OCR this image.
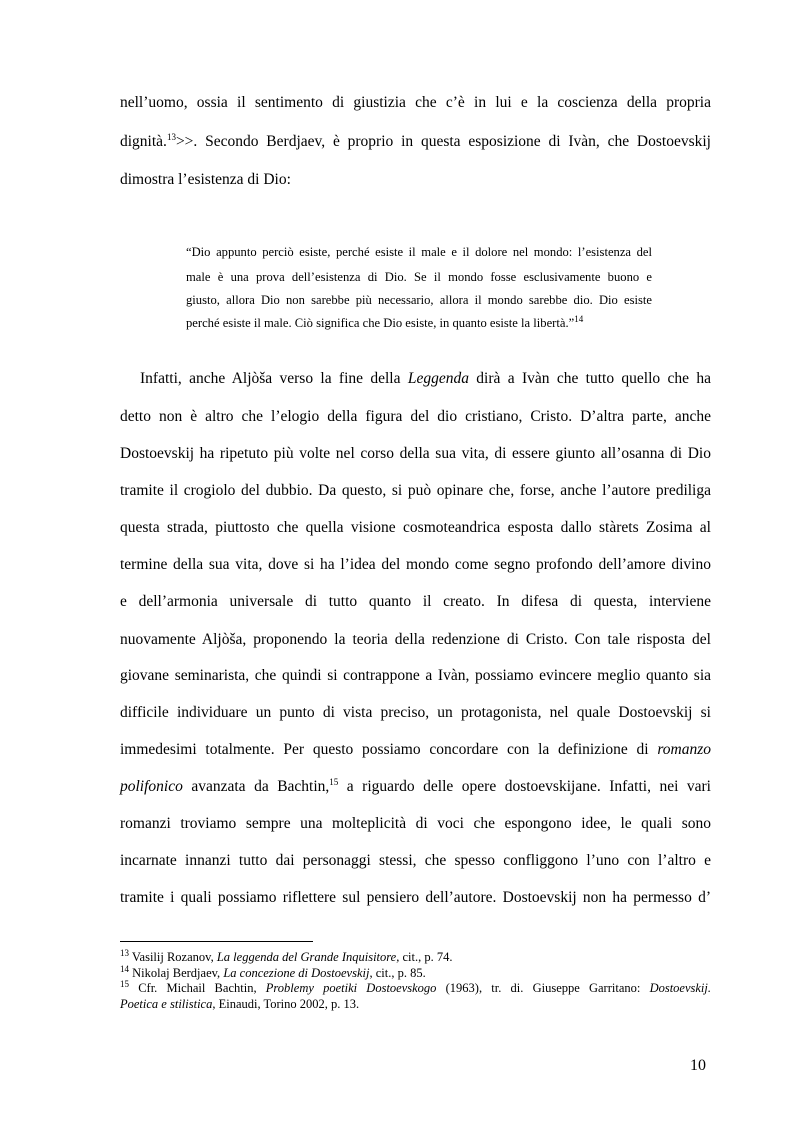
nell’uomo, ossia il sentimento di giustizia che c’è in lui e la coscienza della propria
dignità.$^{13}$>>. Secondo Berdjaev, è proprio in questa esposizione di Ivàn, che Dostoevskij
dimostra l’esistenza di Dio:
“Dio appunto perciò esiste, perché esiste il male e il dolore nel mondo: l’esistenza del
male è una prova dell’esistenza di Dio. Se il mondo fosse esclusivamente buono e
giusto, allora Dio non sarebbe più necessario, allora il mondo sarebbe dio. Dio esiste
perché esiste il male. Ciò significa che Dio esiste, in quanto esiste la libertà.”$^{14}$
Infatti, anche Aljòša verso la fine della Leggenda dirà a Ivàn che tutto quello che ha
detto non è altro che l’elogio della figura del dio cristiano, Cristo. D’altra parte, anche
Dostoevskij ha ripetuto più volte nel corso della sua vita, di essere giunto all’osanna di Dio
tramite il crogiolo del dubbio. Da questo, si può opinare che, forse, anche l’autore prediliga
questa strada, piuttosto che quella visione cosmoteandrica esposta dallo stàrets Zosima al
termine della sua vita, dove si ha l’idea del mondo come segno profondo dell’amore divino
e dell’armonia universale di tutto quanto il creato. In difesa di questa, interviene
nuovamente Aljòša, proponendo la teoria della redenzione di Cristo. Con tale risposta del
giovane seminarista, che quindi si contrappone a Ivàn, possiamo evincere meglio quanto sia
difficile individuare un punto di vista preciso, un protagonista, nel quale Dostoevskij si
immedesimi totalmente. Per questo possiamo concordare con la definizione di romanzo
polifonico avanzata da Bachtin,$^{15}$ a riguardo delle opere dostoevskijane. Infatti, nei vari
romanzi troviamo sempre una molteplicità di voci che espongono idee, le quali sono
incarnate innanzi tutto dai personaggi stessi, che spesso confliggono l’uno con l’altro e
tramite i quali possiamo riflettere sul pensiero dell’autore. Dostoevskij non ha permesso d’
$^{13}$ Vasilij Rozanov, La leggenda del Grande Inquisitore, cit., p. 74.
$^{14}$ Nikolaj Berdjaev, La concezione di Dostoevskij, cit., p. 85.
$^{15}$ Cfr. Michail Bachtin, Problemy poetiki Dostoevskogo (1963), tr. di. Giuseppe Garritano: Dostoevskij.
Poetica e stilistica, Einaudi, Torino 2002, p. 13.
10
